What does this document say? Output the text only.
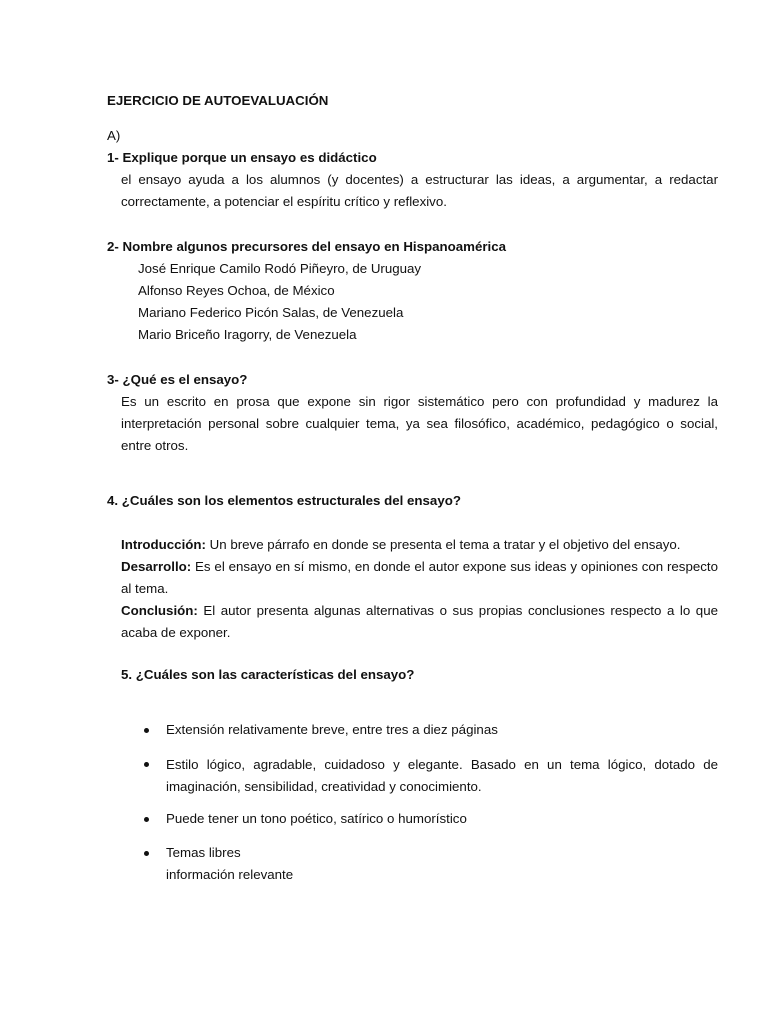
EJERCICIO DE AUTOEVALUACIÓN
A)
1- Explique porque un ensayo es didáctico
el ensayo ayuda a los alumnos (y docentes) a estructurar las ideas, a argumentar, a redactar correctamente, a potenciar el espíritu crítico y reflexivo.
2- Nombre algunos precursores del ensayo en Hispanoamérica
José Enrique Camilo Rodó Piñeyro, de Uruguay
Alfonso Reyes Ochoa, de México
Mariano Federico Picón Salas, de Venezuela
Mario Briceño Iragorry, de Venezuela
3- ¿Qué es el ensayo?
Es un escrito en prosa que expone sin rigor sistemático pero con profundidad y madurez la interpretación personal sobre cualquier tema, ya sea filosófico, académico, pedagógico o social, entre otros.
4. ¿Cuáles son los elementos estructurales del ensayo?
Introducción: Un breve párrafo en donde se presenta el tema a tratar y el objetivo del ensayo.
Desarrollo: Es el ensayo en sí mismo, en donde el autor expone sus ideas y opiniones con respecto al tema.
Conclusión: El autor presenta algunas alternativas o sus propias conclusiones respecto a lo que acaba de exponer.
5. ¿Cuáles son las características del ensayo?
Extensión relativamente breve, entre tres a diez páginas
Estilo lógico, agradable, cuidadoso y elegante. Basado en un tema lógico, dotado de imaginación, sensibilidad, creatividad y conocimiento.
Puede tener un tono poético, satírico o humorístico
Temas libres
información relevante
